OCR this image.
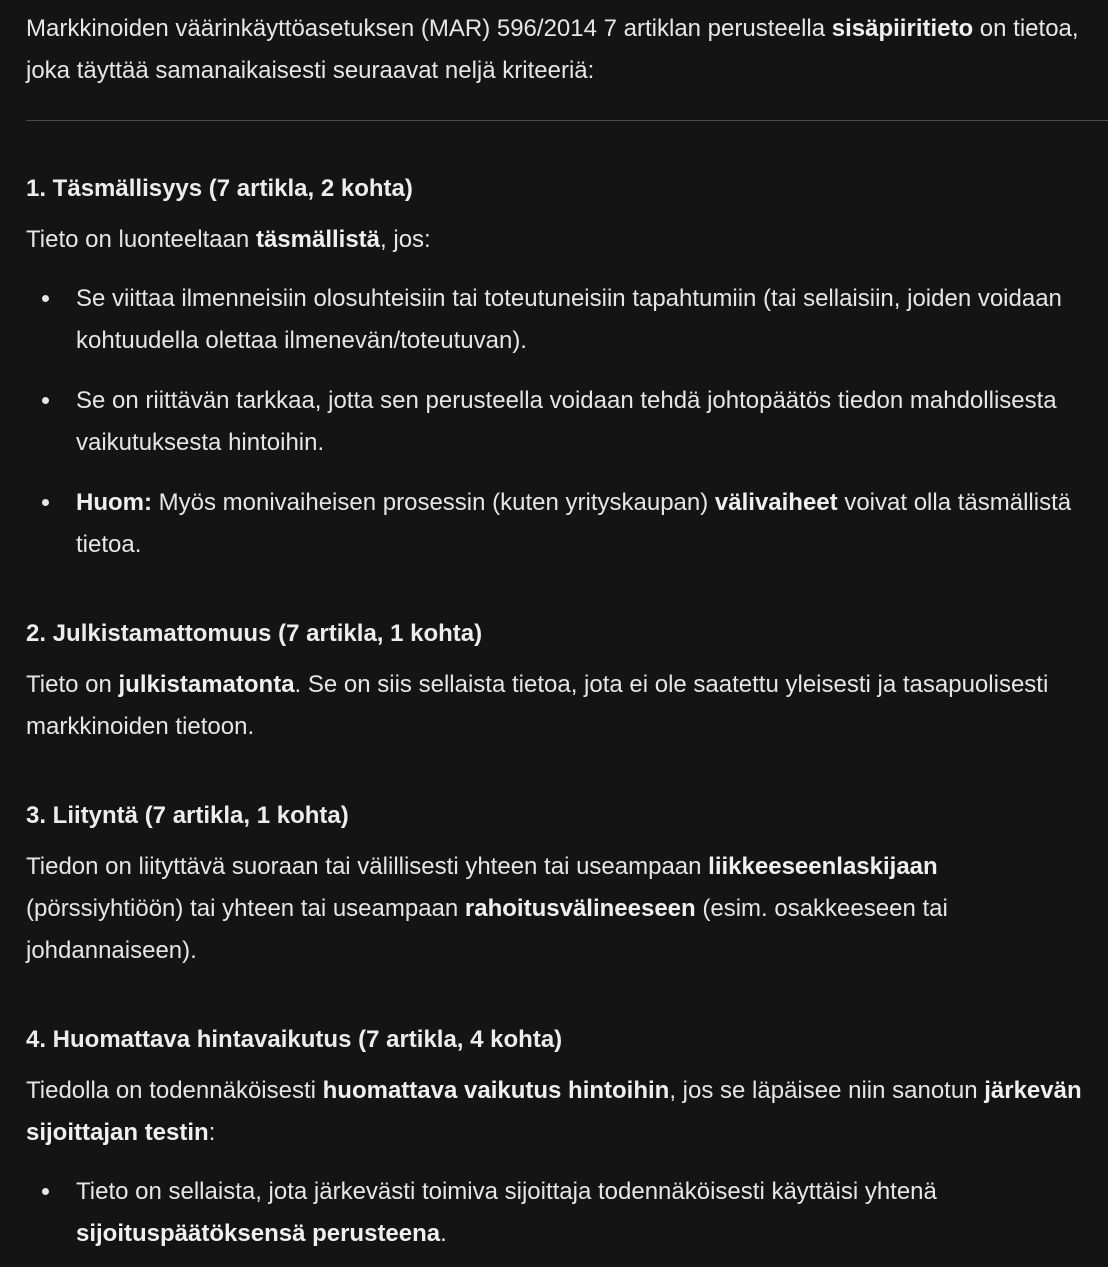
Markkinoiden väärinkäyttöasetuksen (MAR) 596/2014 7 artiklan perusteella sisäpiiritieto on tietoa, joka täyttää samanaikaisesti seuraavat neljä kriteeriä:

1. Täsmällisyys (7 artikla, 2 kohta)

Tieto on luonteeltaan täsmällistä, jos:

Se viittaa ilmenneisiin olosuhteisiin tai toteutuneisiin tapahtumiin (tai sellaisiin, joiden voidaan kohtuudella olettaa ilmenevän/toteutuvan).
Se on riittävän tarkkaa, jotta sen perusteella voidaan tehdä johtopäätös tiedon mahdollisesta vaikutuksesta hintoihin.
Huom: Myös monivaiheisen prosessin (kuten yrityskaupan) välivaiheet voivat olla täsmällistä tietoa.
2. Julkistamattomuus (7 artikla, 1 kohta)

Tieto on julkistamatonta. Se on siis sellaista tietoa, jota ei ole saatettu yleisesti ja tasapuolisesti markkinoiden tietoon.

3. Liityntä (7 artikla, 1 kohta)

Tiedon on liityttävä suoraan tai välillisesti yhteen tai useampaan liikkeeseenlaskijaan (pörssiyhtiöön) tai yhteen tai useampaan rahoitusvälineeseen (esim. osakkeeseen tai johdannaiseen).

4. Huomattava hintavaikutus (7 artikla, 4 kohta)

Tiedolla on todennäköisesti huomattava vaikutus hintoihin, jos se läpäisee niin sanotun järkevän sijoittajan testin:

Tieto on sellaista, jota järkevästi toimiva sijoittaja todennäköisesti käyttäisi yhtenä sijoituspäätöksensä perusteena.
